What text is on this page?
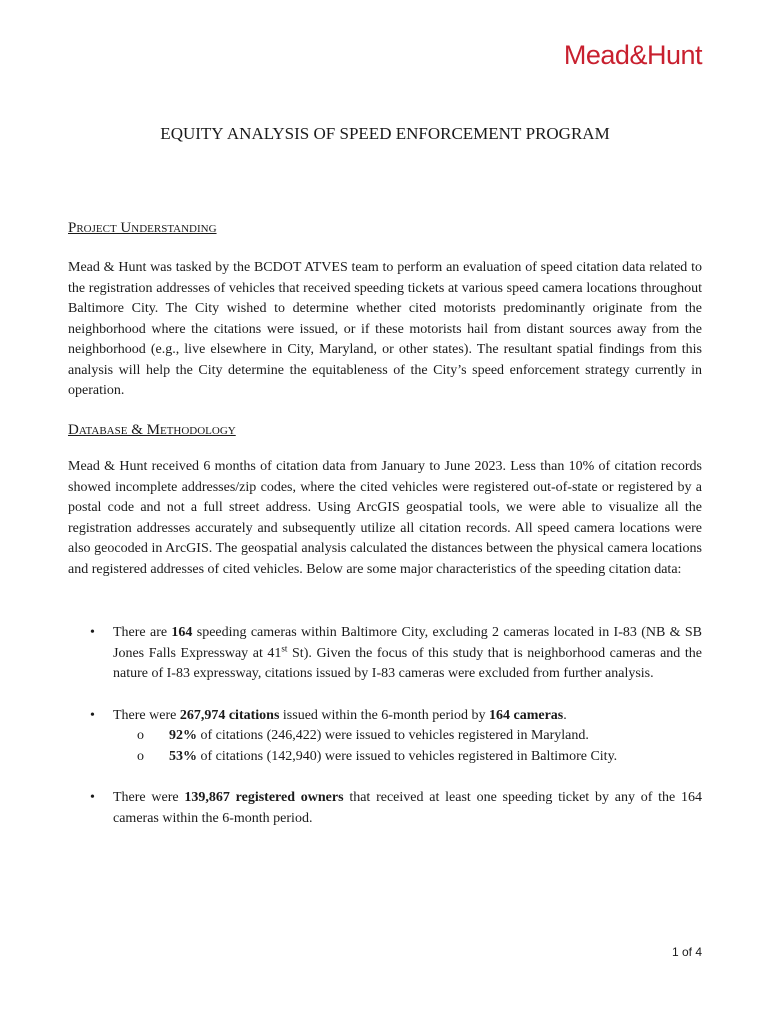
Mead&Hunt
EQUITY ANALYSIS OF SPEED ENFORCEMENT PROGRAM
Project Understanding

Mead & Hunt was tasked by the BCDOT ATVES team to perform an evaluation of speed citation data related to the registration addresses of vehicles that received speeding tickets at various speed camera locations throughout Baltimore City. The City wished to determine whether cited motorists predominantly originate from the neighborhood where the citations were issued, or if these motorists hail from distant sources away from the neighborhood (e.g., live elsewhere in City, Maryland, or other states). The resultant spatial findings from this analysis will help the City determine the equitableness of the City’s speed enforcement strategy currently in operation.

Database & Methodology

Mead & Hunt received 6 months of citation data from January to June 2023. Less than 10% of citation records showed incomplete addresses/zip codes, where the cited vehicles were registered out-of-state or registered by a postal code and not a full street address. Using ArcGIS geospatial tools, we were able to visualize all the registration addresses accurately and subsequently utilize all citation records. All speed camera locations were also geocoded in ArcGIS. The geospatial analysis calculated the distances between the physical camera locations and registered addresses of cited vehicles. Below are some major characteristics of the speeding citation data:

• There are 164 speeding cameras within Baltimore City, excluding 2 cameras located in I-83 (NB & SB Jones Falls Expressway at 41st St). Given the focus of this study that is neighborhood cameras and the nature of I-83 expressway, citations issued by I-83 cameras were excluded from further analysis.
• There were 267,974 citations issued within the 6-month period by 164 cameras.
o 92% of citations (246,422) were issued to vehicles registered in Maryland.
o 53% of citations (142,940) were issued to vehicles registered in Baltimore City.
• There were 139,867 registered owners that received at least one speeding ticket by any of the 164 cameras within the 6-month period.
1 of 4
